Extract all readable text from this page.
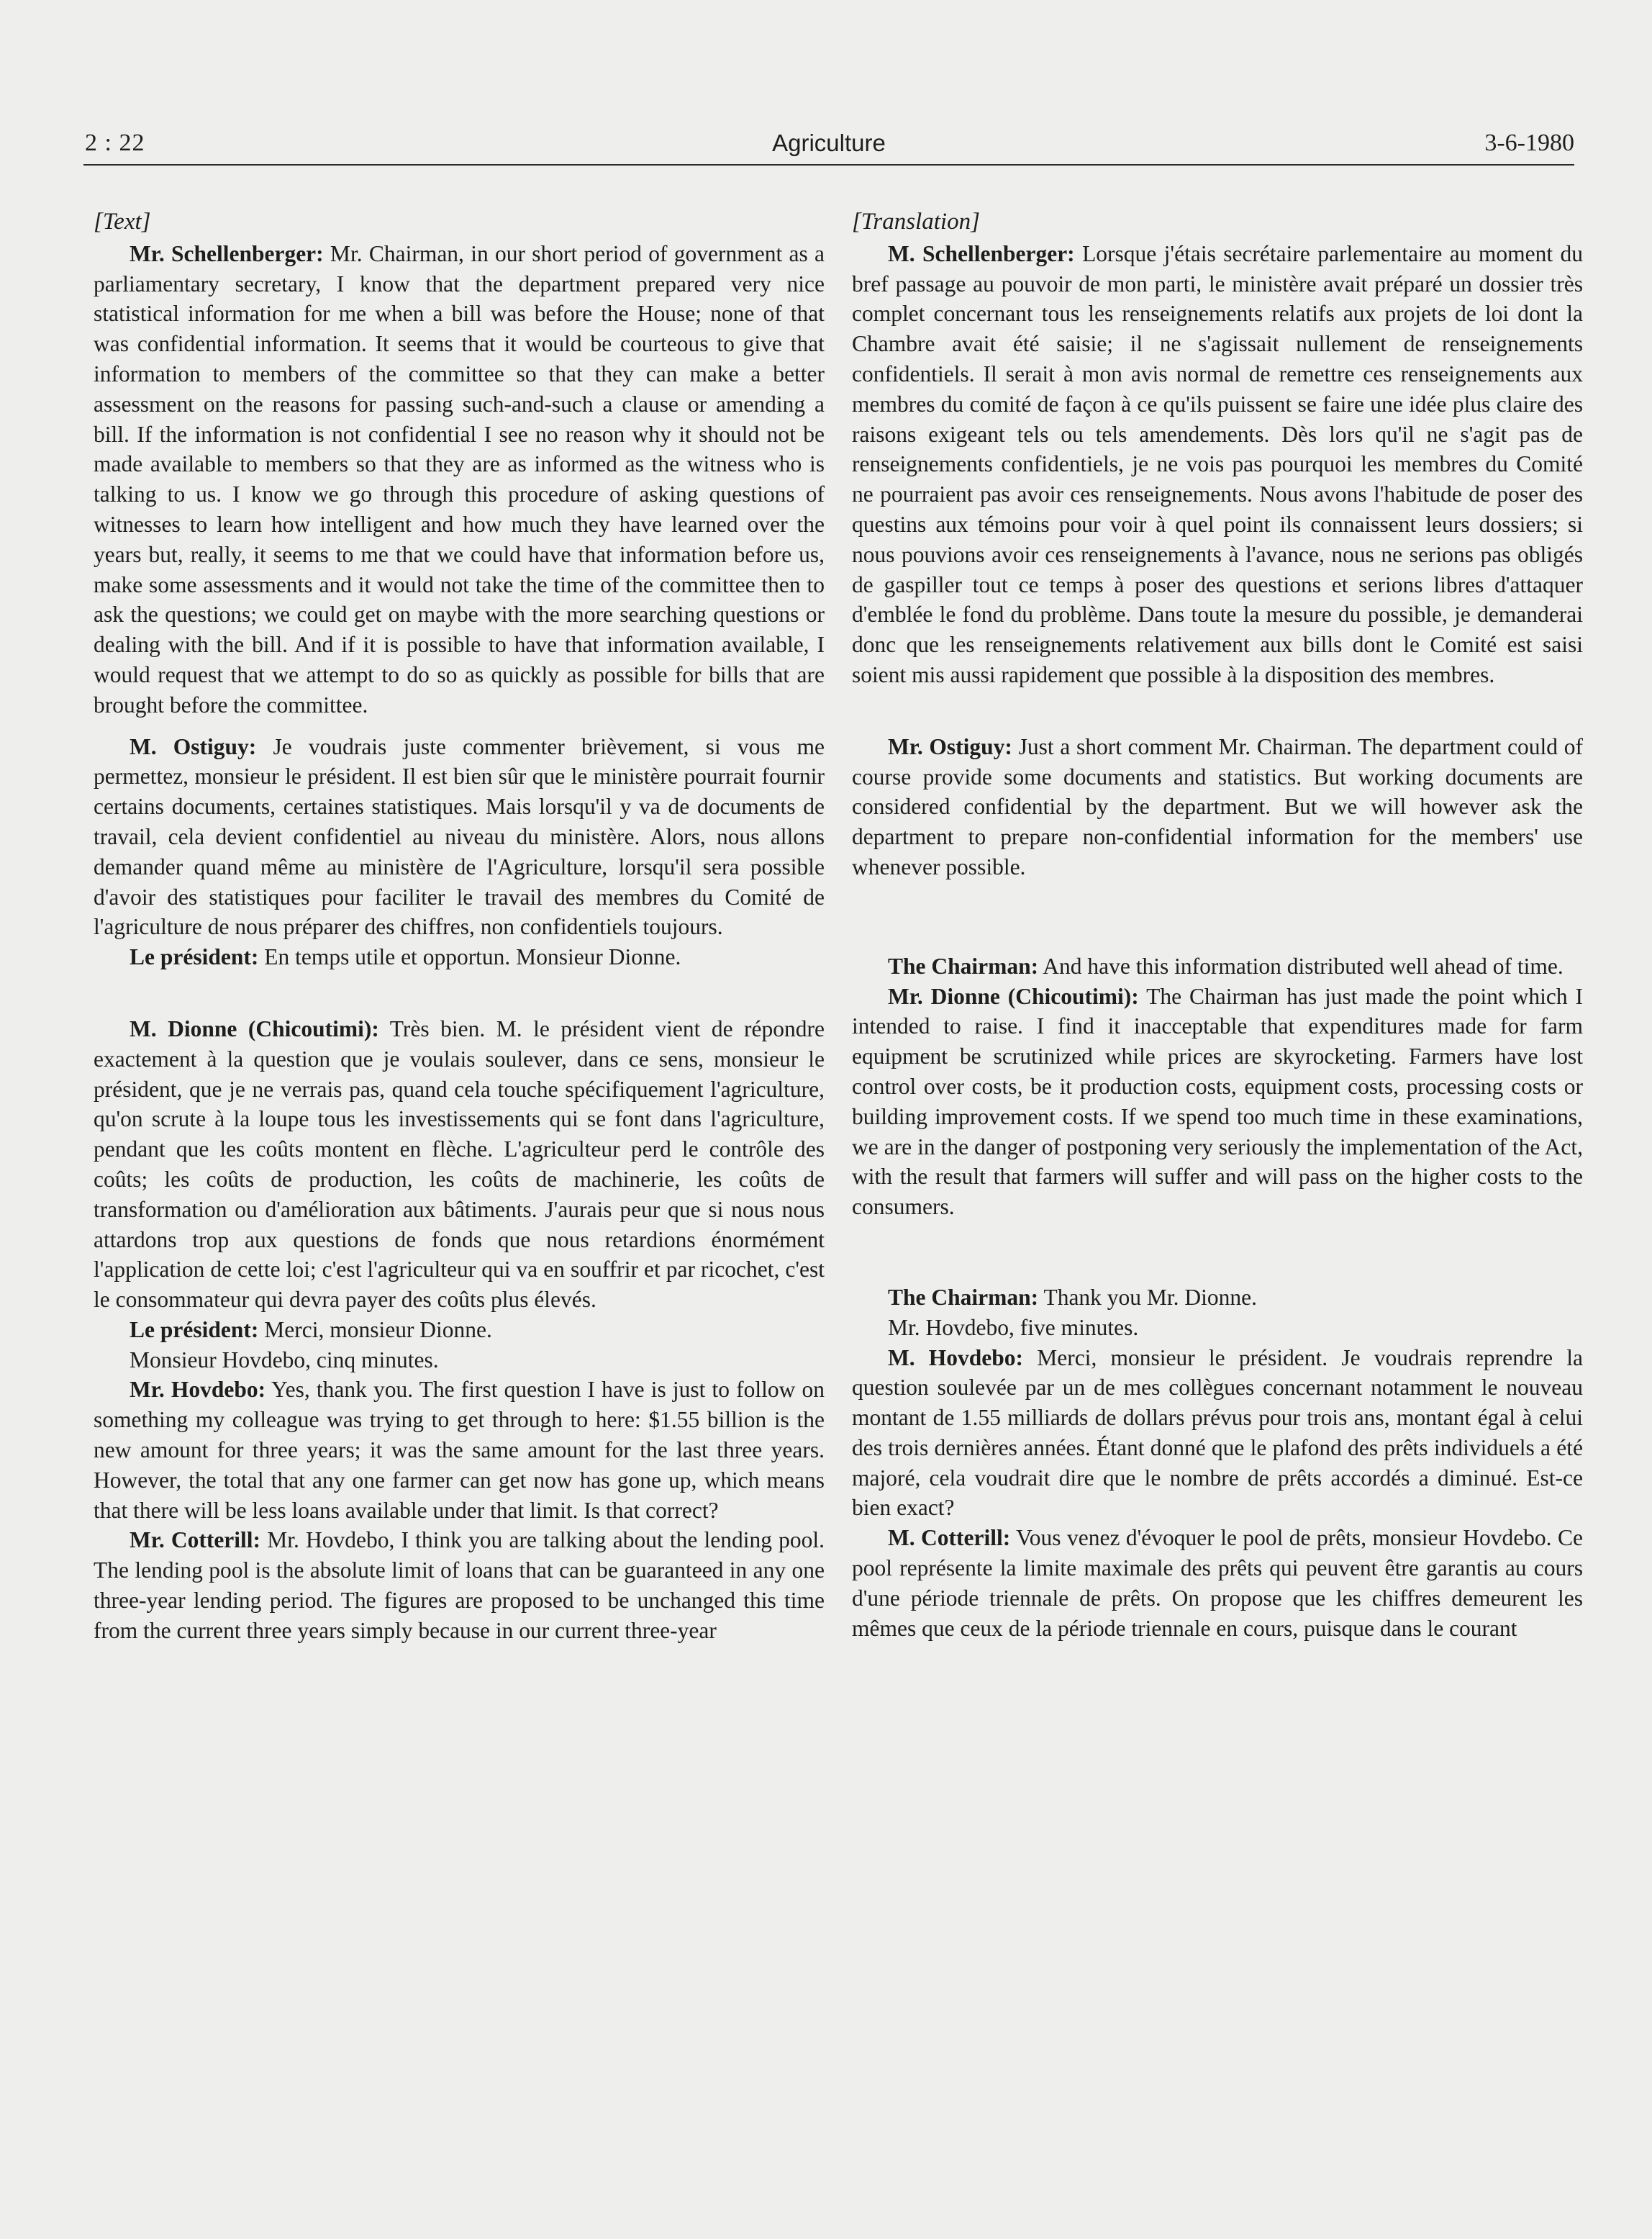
2 : 22	Agriculture	3-6-1980

[Text]

Mr. Schellenberger: Mr. Chairman, in our short period of government as a parliamentary secretary, I know that the department prepared very nice statistical information for me when a bill was before the House; none of that was confidential information. It seems that it would be courteous to give that information to members of the committee so that they can make a better assessment on the reasons for passing such-and-such a clause or amending a bill. If the information is not confidential I see no reason why it should not be made available to members so that they are as informed as the witness who is talking to us. I know we go through this procedure of asking questions of witnesses to learn how intelligent and how much they have learned over the years but, really, it seems to me that we could have that information before us, make some assessments and it would not take the time of the committee then to ask the questions; we could get on maybe with the more searching questions or dealing with the bill. And if it is possible to have that information available, I would request that we attempt to do so as quickly as possible for bills that are brought before the committee.

M. Ostiguy: Je voudrais juste commenter brièvement, si vous me permettez, monsieur le président. Il est bien sûr que le ministère pourrait fournir certains documents, certaines statistiques. Mais lorsqu'il y va de documents de travail, cela devient confidentiel au niveau du ministère. Alors, nous allons demander quand même au ministère de l'Agriculture, lorsqu'il sera possible d'avoir des statistiques pour faciliter le travail des membres du Comité de l'agriculture de nous préparer des chiffres, non confidentiels toujours.

Le président: En temps utile et opportun. Monsieur Dionne.

M. Dionne (Chicoutimi): Très bien. M. le président vient de répondre exactement à la question que je voulais soulever, dans ce sens, monsieur le président, que je ne verrais pas, quand cela touche spécifiquement l'agriculture, qu'on scrute à la loupe tous les investissements qui se font dans l'agriculture, pendant que les coûts montent en flèche. L'agriculteur perd le contrôle des coûts; les coûts de production, les coûts de machinerie, les coûts de transformation ou d'amélioration aux bâtiments. J'aurais peur que si nous nous attardons trop aux questions de fonds que nous retardions énormément l'application de cette loi; c'est l'agriculteur qui va en souffrir et par ricochet, c'est le consommateur qui devra payer des coûts plus élevés.

Le président: Merci, monsieur Dionne.

Monsieur Hovdebo, cinq minutes.

Mr. Hovdebo: Yes, thank you. The first question I have is just to follow on something my colleague was trying to get through to here: $1.55 billion is the new amount for three years; it was the same amount for the last three years. However, the total that any one farmer can get now has gone up, which means that there will be less loans available under that limit. Is that correct?

Mr. Cotterill: Mr. Hovdebo, I think you are talking about the lending pool. The lending pool is the absolute limit of loans that can be guaranteed in any one three-year lending period. The figures are proposed to be unchanged this time from the current three years simply because in our current three-year

[Translation]

M. Schellenberger: Lorsque j'étais secrétaire parlementaire au moment du bref passage au pouvoir de mon parti, le ministère avait préparé un dossier très complet concernant tous les renseignements relatifs aux projets de loi dont la Chambre avait été saisie; il ne s'agissait nullement de renseignements confidentiels. Il serait à mon avis normal de remettre ces renseignements aux membres du comité de façon à ce qu'ils puissent se faire une idée plus claire des raisons exigeant tels ou tels amendements. Dès lors qu'il ne s'agit pas de renseignements confidentiels, je ne vois pas pourquoi les membres du Comité ne pourraient pas avoir ces renseignements. Nous avons l'habitude de poser des questins aux témoins pour voir à quel point ils connaissent leurs dossiers; si nous pouvions avoir ces renseignements à l'avance, nous ne serions pas obligés de gaspiller tout ce temps à poser des questions et serions libres d'attaquer d'emblée le fond du problème. Dans toute la mesure du possible, je demanderai donc que les renseignements relativement aux bills dont le Comité est saisi soient mis aussi rapidement que possible à la disposition des membres.

Mr. Ostiguy: Just a short comment Mr. Chairman. The department could of course provide some documents and statistics. But working documents are considered confidential by the department. But we will however ask the department to prepare non-confidential information for the members' use whenever possible.

The Chairman: And have this information distributed well ahead of time.

Mr. Dionne (Chicoutimi): The Chairman has just made the point which I intended to raise. I find it inacceptable that expenditures made for farm equipment be scrutinized while prices are skyrocketing. Farmers have lost control over costs, be it production costs, equipment costs, processing costs or building improvement costs. If we spend too much time in these examinations, we are in the danger of postponing very seriously the implementation of the Act, with the result that farmers will suffer and will pass on the higher costs to the consumers.

The Chairman: Thank you Mr. Dionne.

Mr. Hovdebo, five minutes.

M. Hovdebo: Merci, monsieur le président. Je voudrais reprendre la question soulevée par un de mes collègues concernant notamment le nouveau montant de 1.55 milliards de dollars prévus pour trois ans, montant égal à celui des trois dernières années. Étant donné que le plafond des prêts individuels a été majoré, cela voudrait dire que le nombre de prêts accordés a diminué. Est-ce bien exact?

M. Cotterill: Vous venez d'évoquer le pool de prêts, monsieur Hovdebo. Ce pool représente la limite maximale des prêts qui peuvent être garantis au cours d'une période triennale de prêts. On propose que les chiffres demeurent les mêmes que ceux de la période triennale en cours, puisque dans le courant
